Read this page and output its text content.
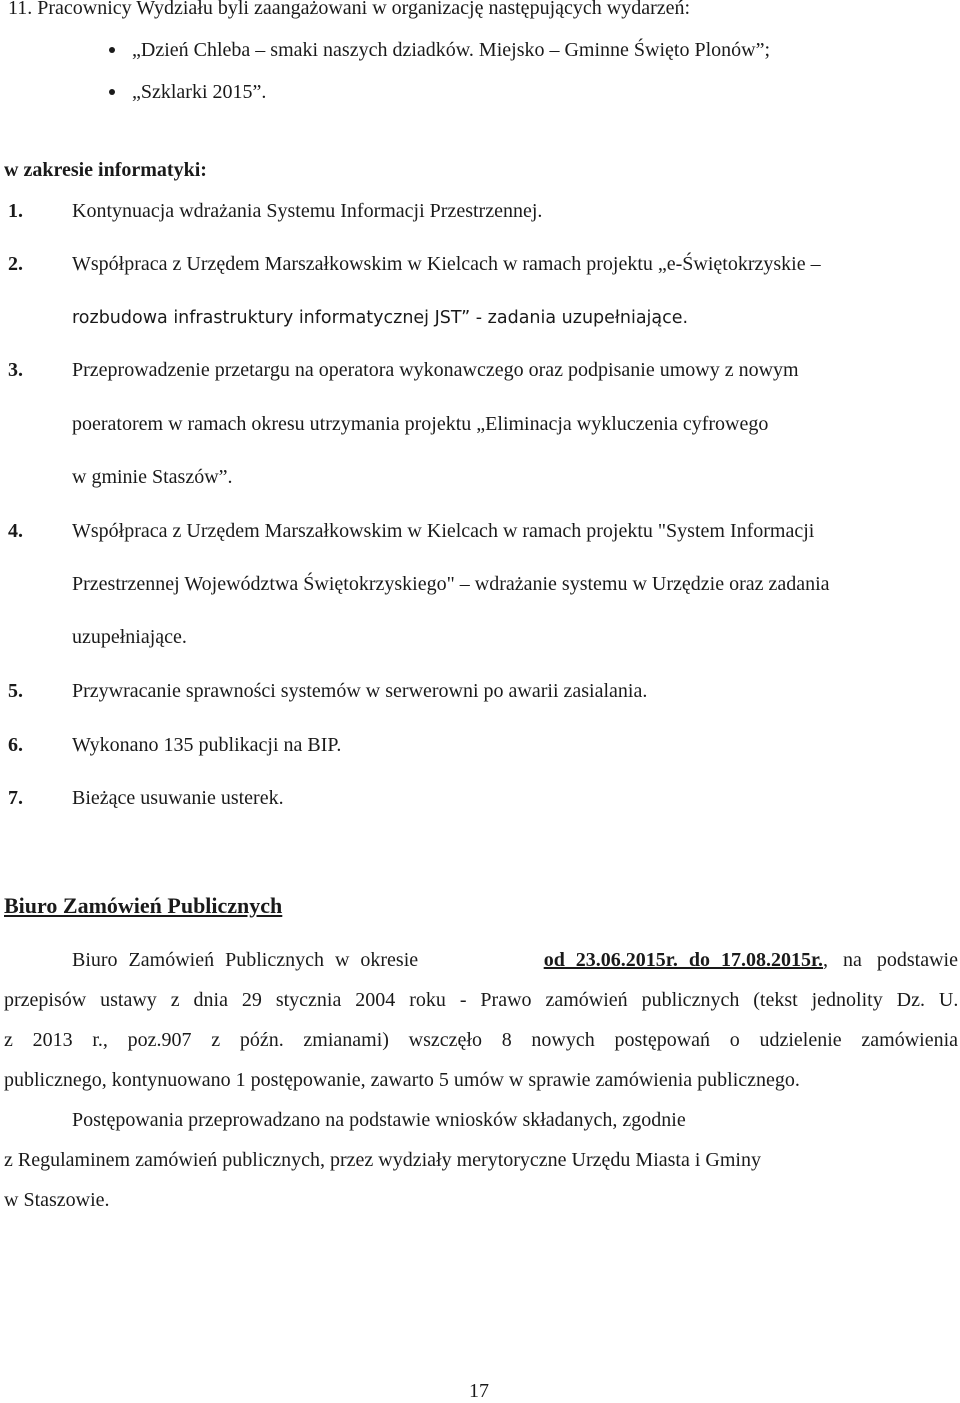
11. Pracownicy Wydziału byli zaangażowani w organizację następujących wydarzeń:
„Dzień Chleba – smaki naszych dziadków. Miejsko – Gminne Święto Plonów”;
„Szklarki 2015”.
w zakresie informatyki:
1. Kontynuacja wdrażania Systemu Informacji Przestrzennej.
2. Współpraca z Urzędem Marszałkowskim w Kielcach w ramach projektu „e-Świętokrzyskie –
rozbudowa infrastruktury informatycznej JST” - zadania uzupełniające.
3. Przeprowadzenie przetargu na operatora wykonawczego oraz podpisanie umowy z nowym
poeratorem w ramach okresu utrzymania projektu „Eliminacja wykluczenia cyfrowego
w gminie Staszów”.
4. Współpraca z Urzędem Marszałkowskim w Kielcach w ramach projektu "System Informacji
Przestrzennej Województwa Świętokrzyskiego" – wdrażanie systemu w Urzędzie oraz zadania
uzupełniające.
5. Przywracanie sprawności systemów w serwerowni po awarii zasialania.
6. Wykonano 135 publikacji na BIP.
7. Bieżące usuwanie usterek.
Biuro Zamówień Publicznych
Biuro Zamówień Publicznych w okresie	od 23.06.2015r. do 17.08.2015r., na podstawie
przepisów ustawy z dnia 29 stycznia 2004 roku - Prawo zamówień publicznych (tekst jednolity Dz. U.
z 2013 r., poz.907 z późn. zmianami) wszczęło 8 nowych postępowań o udzielenie zamówienia
publicznego, kontynuowano 1 postępowanie, zawarto 5 umów w sprawie zamówienia publicznego.
Postępowania przeprowadzano na podstawie wniosków składanych, zgodnie
z Regulaminem zamówień publicznych, przez wydziały merytoryczne Urzędu Miasta i Gminy
w Staszowie.
17
